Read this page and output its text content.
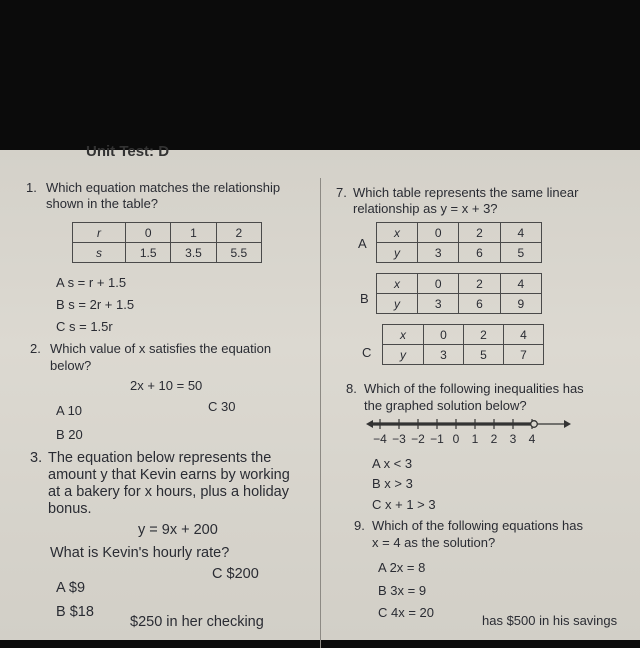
Unit Test: D
1. Which equation matches the relationship
shown in the table?
r	0	1	2
s	1.5	3.5	5.5
A s = r + 1.5
B s = 2r + 1.5
C s = 1.5r
2. Which value of x satisfies the equation
below?
2x + 10 = 50
A 10	C 30
B 20
3. The equation below represents the
amount y that Kevin earns by working
at a bakery for x hours, plus a holiday
bonus.
y = 9x + 200
What is Kevin's hourly rate?
A $9
C $200
B $18
$250 in her checking
7. Which table represents the same linear
relationship as y = x + 3?
A
x	0	2	4
y	3	6	5
B
x	0	2	4
y	3	6	9
C
x	0	2	4
y	3	5	7
8. Which of the following inequalities has
the graphed solution below?
−4 −3 −2 −1 0 1 2 3 4
A x < 3
B x > 3
C x + 1 > 3
9. Which of the following equations has
x = 4 as the solution?
A 2x = 8
B 3x = 9
C 4x = 20
has $500 in his savings
